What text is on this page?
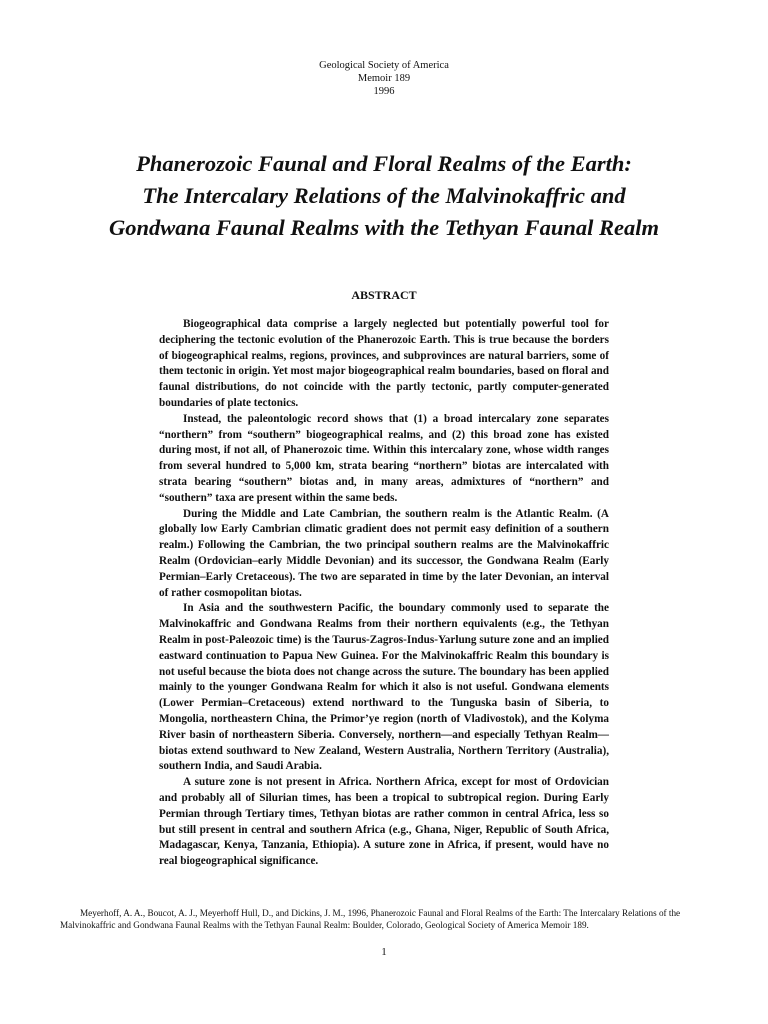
Geological Society of America
Memoir 189
1996
Phanerozoic Faunal and Floral Realms of the Earth:
The Intercalary Relations of the Malvinokaffric and
Gondwana Faunal Realms with the Tethyan Faunal Realm
ABSTRACT

Biogeographical data comprise a largely neglected but potentially powerful tool for deciphering the tectonic evolution of the Phanerozoic Earth. This is true because the borders of biogeographical realms, regions, provinces, and subprovinces are natural barriers, some of them tectonic in origin. Yet most major biogeographical realm boundaries, based on floral and faunal distributions, do not coincide with the partly tectonic, partly computer-generated boundaries of plate tectonics.

Instead, the paleontologic record shows that (1) a broad intercalary zone separates “northern” from “southern” biogeographical realms, and (2) this broad zone has existed during most, if not all, of Phanerozoic time. Within this intercalary zone, whose width ranges from several hundred to 5,000 km, strata bearing “northern” biotas are intercalated with strata bearing “southern” biotas and, in many areas, admixtures of “northern” and “southern” taxa are present within the same beds.

During the Middle and Late Cambrian, the southern realm is the Atlantic Realm. (A globally low Early Cambrian climatic gradient does not permit easy definition of a southern realm.) Following the Cambrian, the two principal southern realms are the Malvinokaffric Realm (Ordovician–early Middle Devonian) and its successor, the Gondwana Realm (Early Permian–Early Cretaceous). The two are separated in time by the later Devonian, an interval of rather cosmopolitan biotas.

In Asia and the southwestern Pacific, the boundary commonly used to separate the Malvinokaffric and Gondwana Realms from their northern equivalents (e.g., the Tethyan Realm in post-Paleozoic time) is the Taurus-Zagros-Indus-Yarlung suture zone and an implied eastward continuation to Papua New Guinea. For the Malvinokaffric Realm this boundary is not useful because the biota does not change across the suture. The boundary has been applied mainly to the younger Gondwana Realm for which it also is not useful. Gondwana elements (Lower Permian–Cretaceous) extend northward to the Tunguska basin of Siberia, to Mongolia, northeastern China, the Primor’ye region (north of Vladivostok), and the Kolyma River basin of northeastern Siberia. Conversely, northern—and especially Tethyan Realm—biotas extend southward to New Zealand, Western Australia, Northern Territory (Australia), southern India, and Saudi Arabia.

A suture zone is not present in Africa. Northern Africa, except for most of Ordovician and probably all of Silurian times, has been a tropical to subtropical region. During Early Permian through Tertiary times, Tethyan biotas are rather common in central Africa, less so but still present in central and southern Africa (e.g., Ghana, Niger, Republic of South Africa, Madagascar, Kenya, Tanzania, Ethiopia). A suture zone in Africa, if present, would have no real biogeographical significance.

Meyerhoff, A. A., Boucot, A. J., Meyerhoff Hull, D., and Dickins, J. M., 1996, Phanerozoic Faunal and Floral Realms of the Earth: The Intercalary Relations of the Malvinokaffric and Gondwana Faunal Realms with the Tethyan Faunal Realm: Boulder, Colorado, Geological Society of America Memoir 189.

1
